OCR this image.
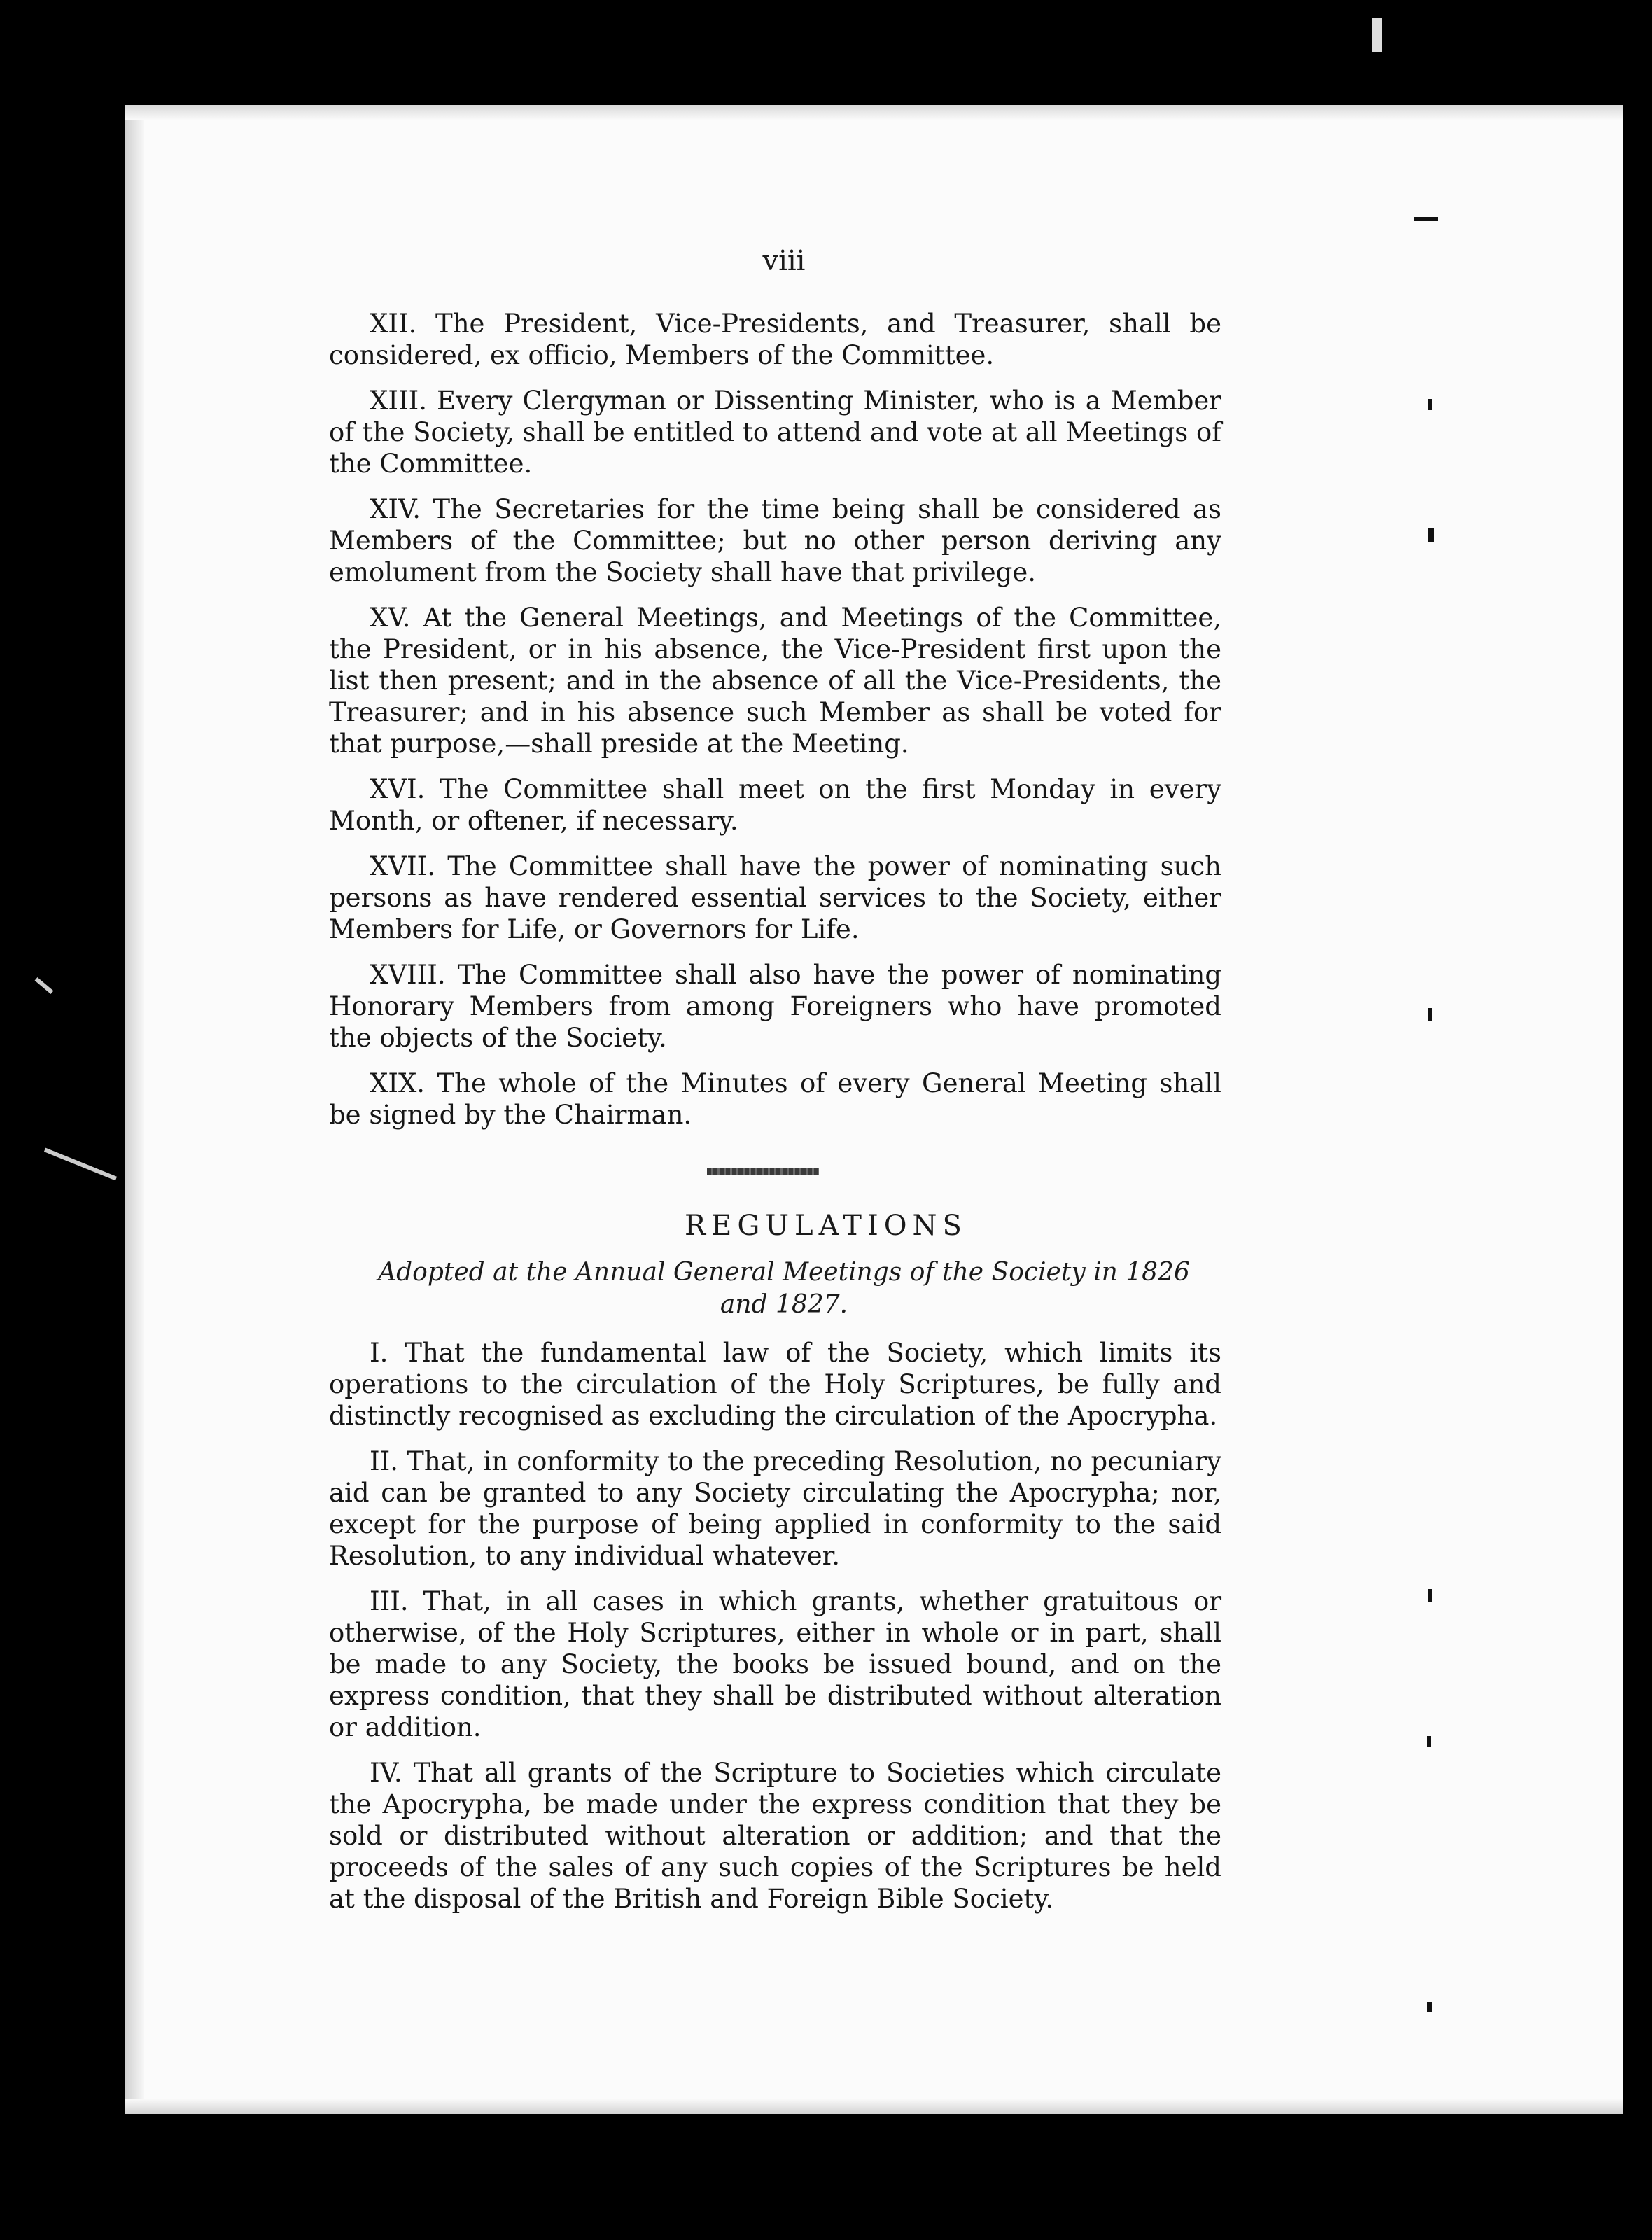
viii

XII. The President, Vice-Presidents, and Treasurer, shall be considered, ex officio, Members of the Committee.

XIII. Every Clergyman or Dissenting Minister, who is a Member of the Society, shall be entitled to attend and vote at all Meetings of the Committee.

XIV. The Secretaries for the time being shall be considered as Members of the Committee; but no other person deriving any emolument from the Society shall have that privilege.

XV. At the General Meetings, and Meetings of the Committee, the President, or in his absence, the Vice-President first upon the list then present; and in the absence of all the Vice-Presidents, the Treasurer; and in his absence such Member as shall be voted for that purpose,—shall preside at the Meeting.

XVI. The Committee shall meet on the first Monday in every Month, or oftener, if necessary.

XVII. The Committee shall have the power of nominating such persons as have rendered essential services to the Society, either Members for Life, or Governors for Life.

XVIII. The Committee shall also have the power of nominating Honorary Members from among Foreigners who have promoted the objects of the Society.

XIX. The whole of the Minutes of every General Meeting shall be signed by the Chairman.

REGULATIONS
Adopted at the Annual General Meetings of the Society in 1826 and 1827.

I. That the fundamental law of the Society, which limits its operations to the circulation of the Holy Scriptures, be fully and distinctly recognised as excluding the circulation of the Apocrypha.

II. That, in conformity to the preceding Resolution, no pecuniary aid can be granted to any Society circulating the Apocrypha; nor, except for the purpose of being applied in conformity to the said Resolution, to any individual whatever.

III. That, in all cases in which grants, whether gratuitous or otherwise, of the Holy Scriptures, either in whole or in part, shall be made to any Society, the books be issued bound, and on the express condition, that they shall be distributed without alteration or addition.

IV. That all grants of the Scripture to Societies which circulate the Apocrypha, be made under the express condition that they be sold or distributed without alteration or addition; and that the proceeds of the sales of any such copies of the Scriptures be held at the disposal of the British and Foreign Bible Society.
